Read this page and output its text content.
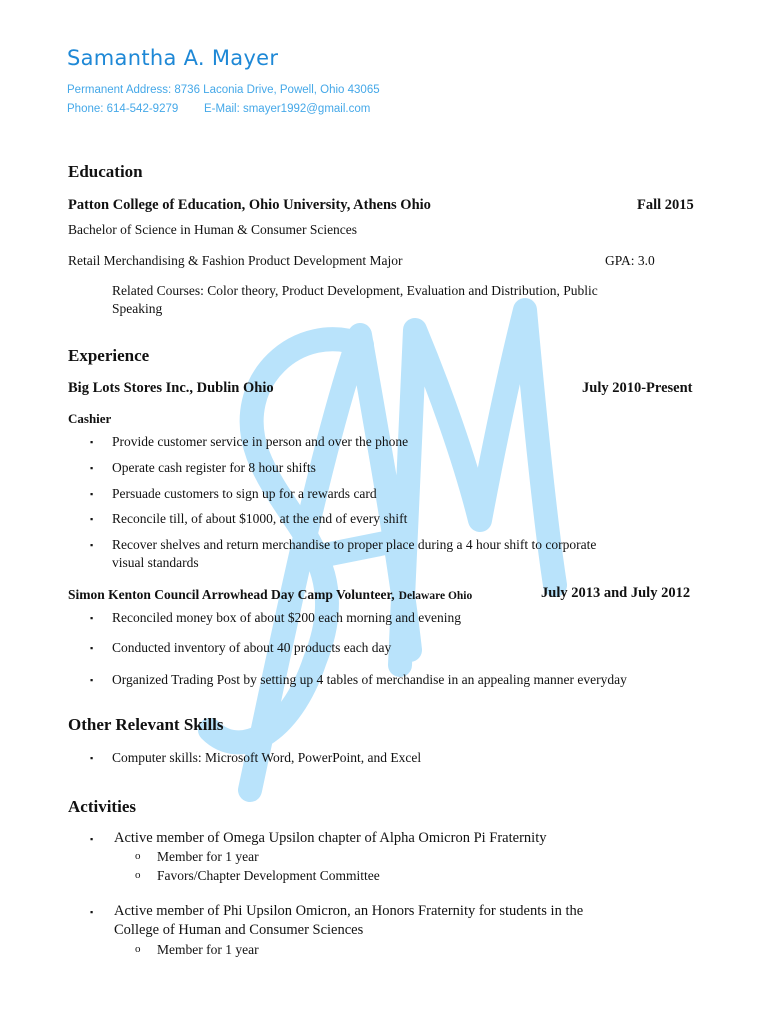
Samantha A. Mayer
Permanent Address: 8736 Laconia Drive, Powell, Ohio 43065
Phone: 614-542-9279 E-Mail: smayer1992@gmail.com
Education
Patton College of Education, Ohio University, Athens Ohio	Fall 2015
Bachelor of Science in Human & Consumer Sciences
Retail Merchandising & Fashion Product Development Major	GPA: 3.0
Related Courses: Color theory, Product Development, Evaluation and Distribution, Public
Speaking
Experience
Big Lots Stores Inc., Dublin Ohio	July 2010-Present
Cashier
▪ Provide customer service in person and over the phone
▪ Operate cash register for 8 hour shifts
▪ Persuade customers to sign up for a rewards card
▪ Reconcile till, of about $1000, at the end of every shift
▪ Recover shelves and return merchandise to proper place during a 4 hour shift to corporate
visual standards
Simon Kenton Council Arrowhead Day Camp Volunteer, Delaware Ohio	July 2013 and July 2012
▪ Reconciled money box of about $200 each morning and evening
▪ Conducted inventory of about 40 products each day
▪ Organized Trading Post by setting up 4 tables of merchandise in an appealing manner everyday
Other Relevant Skills
▪ Computer skills: Microsoft Word, PowerPoint, and Excel
Activities
▪ Active member of Omega Upsilon chapter of Alpha Omicron Pi Fraternity
o Member for 1 year
o Favors/Chapter Development Committee
▪ Active member of Phi Upsilon Omicron, an Honors Fraternity for students in the
College of Human and Consumer Sciences
o Member for 1 year
